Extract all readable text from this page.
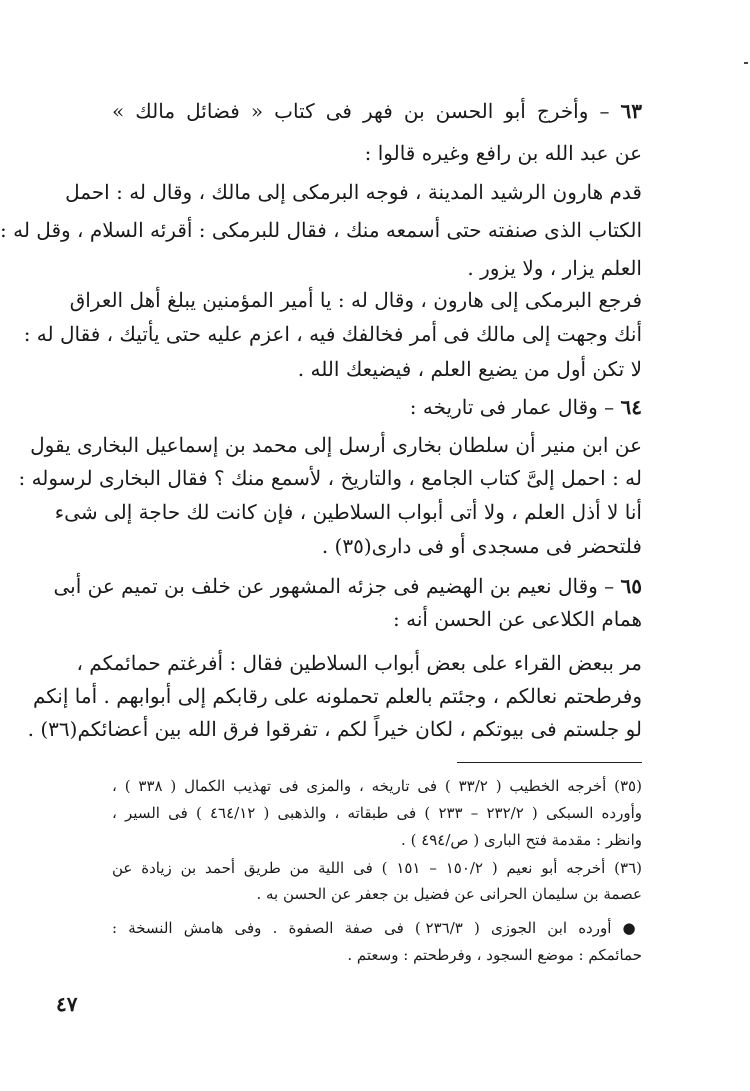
٦٣ – وأخرج أبو الحسن بن فهر فى كتاب « فضائل مالك »
عن عبد الله بن رافع وغيره قالوا :
قدم هارون الرشيد المدينة ، فوجه البرمكى إلى مالك ، وقال له : احمل
الكتاب الذى صنفته حتى أسمعه منك ، فقال للبرمكى : أقرئه السلام ، وقل له :
العلم يزار ، ولا يزور .
فرجع البرمكى إلى هارون ، وقال له : يا أمير المؤمنين يبلغ أهل العراق
أنك وجهت إلى مالك فى أمر فخالفك فيه ، اعزم عليه حتى يأتيك ، فقال له :
لا تكن أول من يضيع العلم ، فيضيعك الله .
٦٤ – وقال عمار فى تاريخه :
عن ابن منير أن سلطان بخارى أرسل إلى محمد بن إسماعيل البخارى يقول
له : احمل إلىَّ كتاب الجامع ، والتاريخ ، لأسمع منك ؟ فقال البخارى لرسوله :
أنا لا أذل العلم ، ولا أتى أبواب السلاطين ، فإن كانت لك حاجة إلى شىء
فلتحضر فى مسجدى أو فى دارى(٣٥) .
٦٥ – وقال نعيم بن الهضيم فى جزئه المشهور عن خلف بن تميم عن أبى
همام الكلاعى عن الحسن أنه :
مر ببعض القراء على بعض أبواب السلاطين فقال : أفرغتم حمائمكم ،
وفرطحتم نعالكم ، وجئتم بالعلم تحملونه على رقابكم إلى أبوابهم . أما إنكم
لو جلستم فى بيوتكم ، لكان خيراً لكم ، تفرقوا فرق الله بين أعضائكم(٣٦) .
(٣٥) أخرجه الخطيب ( ٣٣/٢ ) فى تاريخه ، والمزى فى تهذيب الكمال ( ٣٣٨ ) ،
وأورده السبكى ( ٢٣٢/٢ – ٢٣٣ ) فى طبقاته ، والذهبى ( ٤٦٤/١٢ ) فى السير ،
وانظر : مقدمة فتح البارى ( ص/٤٩٤ ) .
(٣٦) أخرجه أبو نعيم ( ١٥٠/٢ – ١٥١ ) فى اللية من طريق أحمد بن زيادة عن
عصمة بن سليمان الحرانى عن فضيل بن جعفر عن الحسن به .
● أورده ابن الجوزى ( ٢٣٦/٣ ) فى صفة الصفوة . وفى هامش النسخة :
حمائمكم : موضع السجود ، وفرطحتم : وسعتم .
٤٧
